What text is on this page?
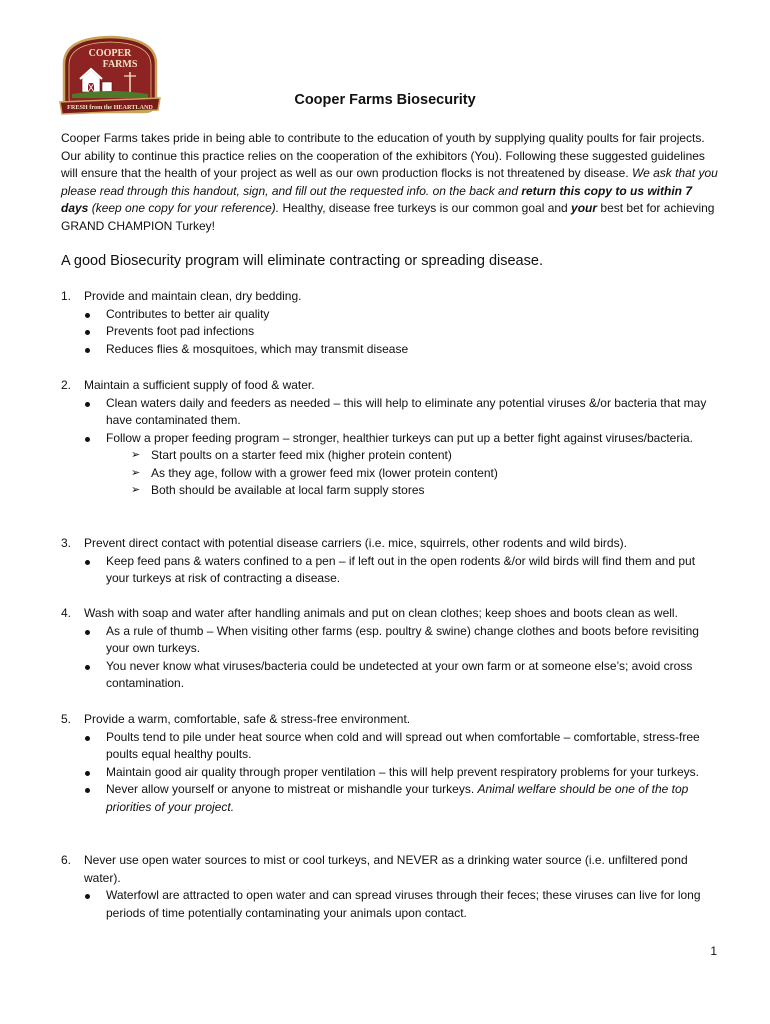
COOPER
FARMS
FRESH from the HEARTLAND	Cooper Farms Biosecurity
Cooper Farms takes pride in being able to contribute to the education of youth by supplying quality poults for fair projects. Our ability to continue this practice relies on the cooperation of the exhibitors (You). Following these suggested guidelines will ensure that the health of your project as well as our own production flocks is not threatened by disease. We ask that you please read through this handout, sign, and fill out the requested info. on the back and return this copy to us within 7 days (keep one copy for your reference). Healthy, disease free turkeys is our common goal and your best bet for achieving GRAND CHAMPION Turkey!
A good Biosecurity program will eliminate contracting or spreading disease.
1. Provide and maintain clean, dry bedding.
Contributes to better air quality
Prevents foot pad infections
Reduces flies & mosquitoes, which may transmit disease
2. Maintain a sufficient supply of food & water.
Clean waters daily and feeders as needed – this will help to eliminate any potential viruses &/or bacteria that may have contaminated them.
Follow a proper feeding program – stronger, healthier turkeys can put up a better fight against viruses/bacteria.
➢ Start poults on a starter feed mix (higher protein content)
➢ As they age, follow with a grower feed mix (lower protein content)
➢ Both should be available at local farm supply stores
3. Prevent direct contact with potential disease carriers (i.e. mice, squirrels, other rodents and wild birds).
Keep feed pans & waters confined to a pen – if left out in the open rodents &/or wild birds will find them and put your turkeys at risk of contracting a disease.
4. Wash with soap and water after handling animals and put on clean clothes; keep shoes and boots clean as well.
As a rule of thumb – When visiting other farms (esp. poultry & swine) change clothes and boots before revisiting your own turkeys.
You never know what viruses/bacteria could be undetected at your own farm or at someone else’s; avoid cross contamination.
5. Provide a warm, comfortable, safe & stress-free environment.
Poults tend to pile under heat source when cold and will spread out when comfortable – comfortable, stress-free poults equal healthy poults.
Maintain good air quality through proper ventilation – this will help prevent respiratory problems for your turkeys.
Never allow yourself or anyone to mistreat or mishandle your turkeys. Animal welfare should be one of the top priorities of your project.
6. Never use open water sources to mist or cool turkeys, and NEVER as a drinking water source (i.e. unfiltered pond water).
Waterfowl are attracted to open water and can spread viruses through their feces; these viruses can live for long periods of time potentially contaminating your animals upon contact.
1
